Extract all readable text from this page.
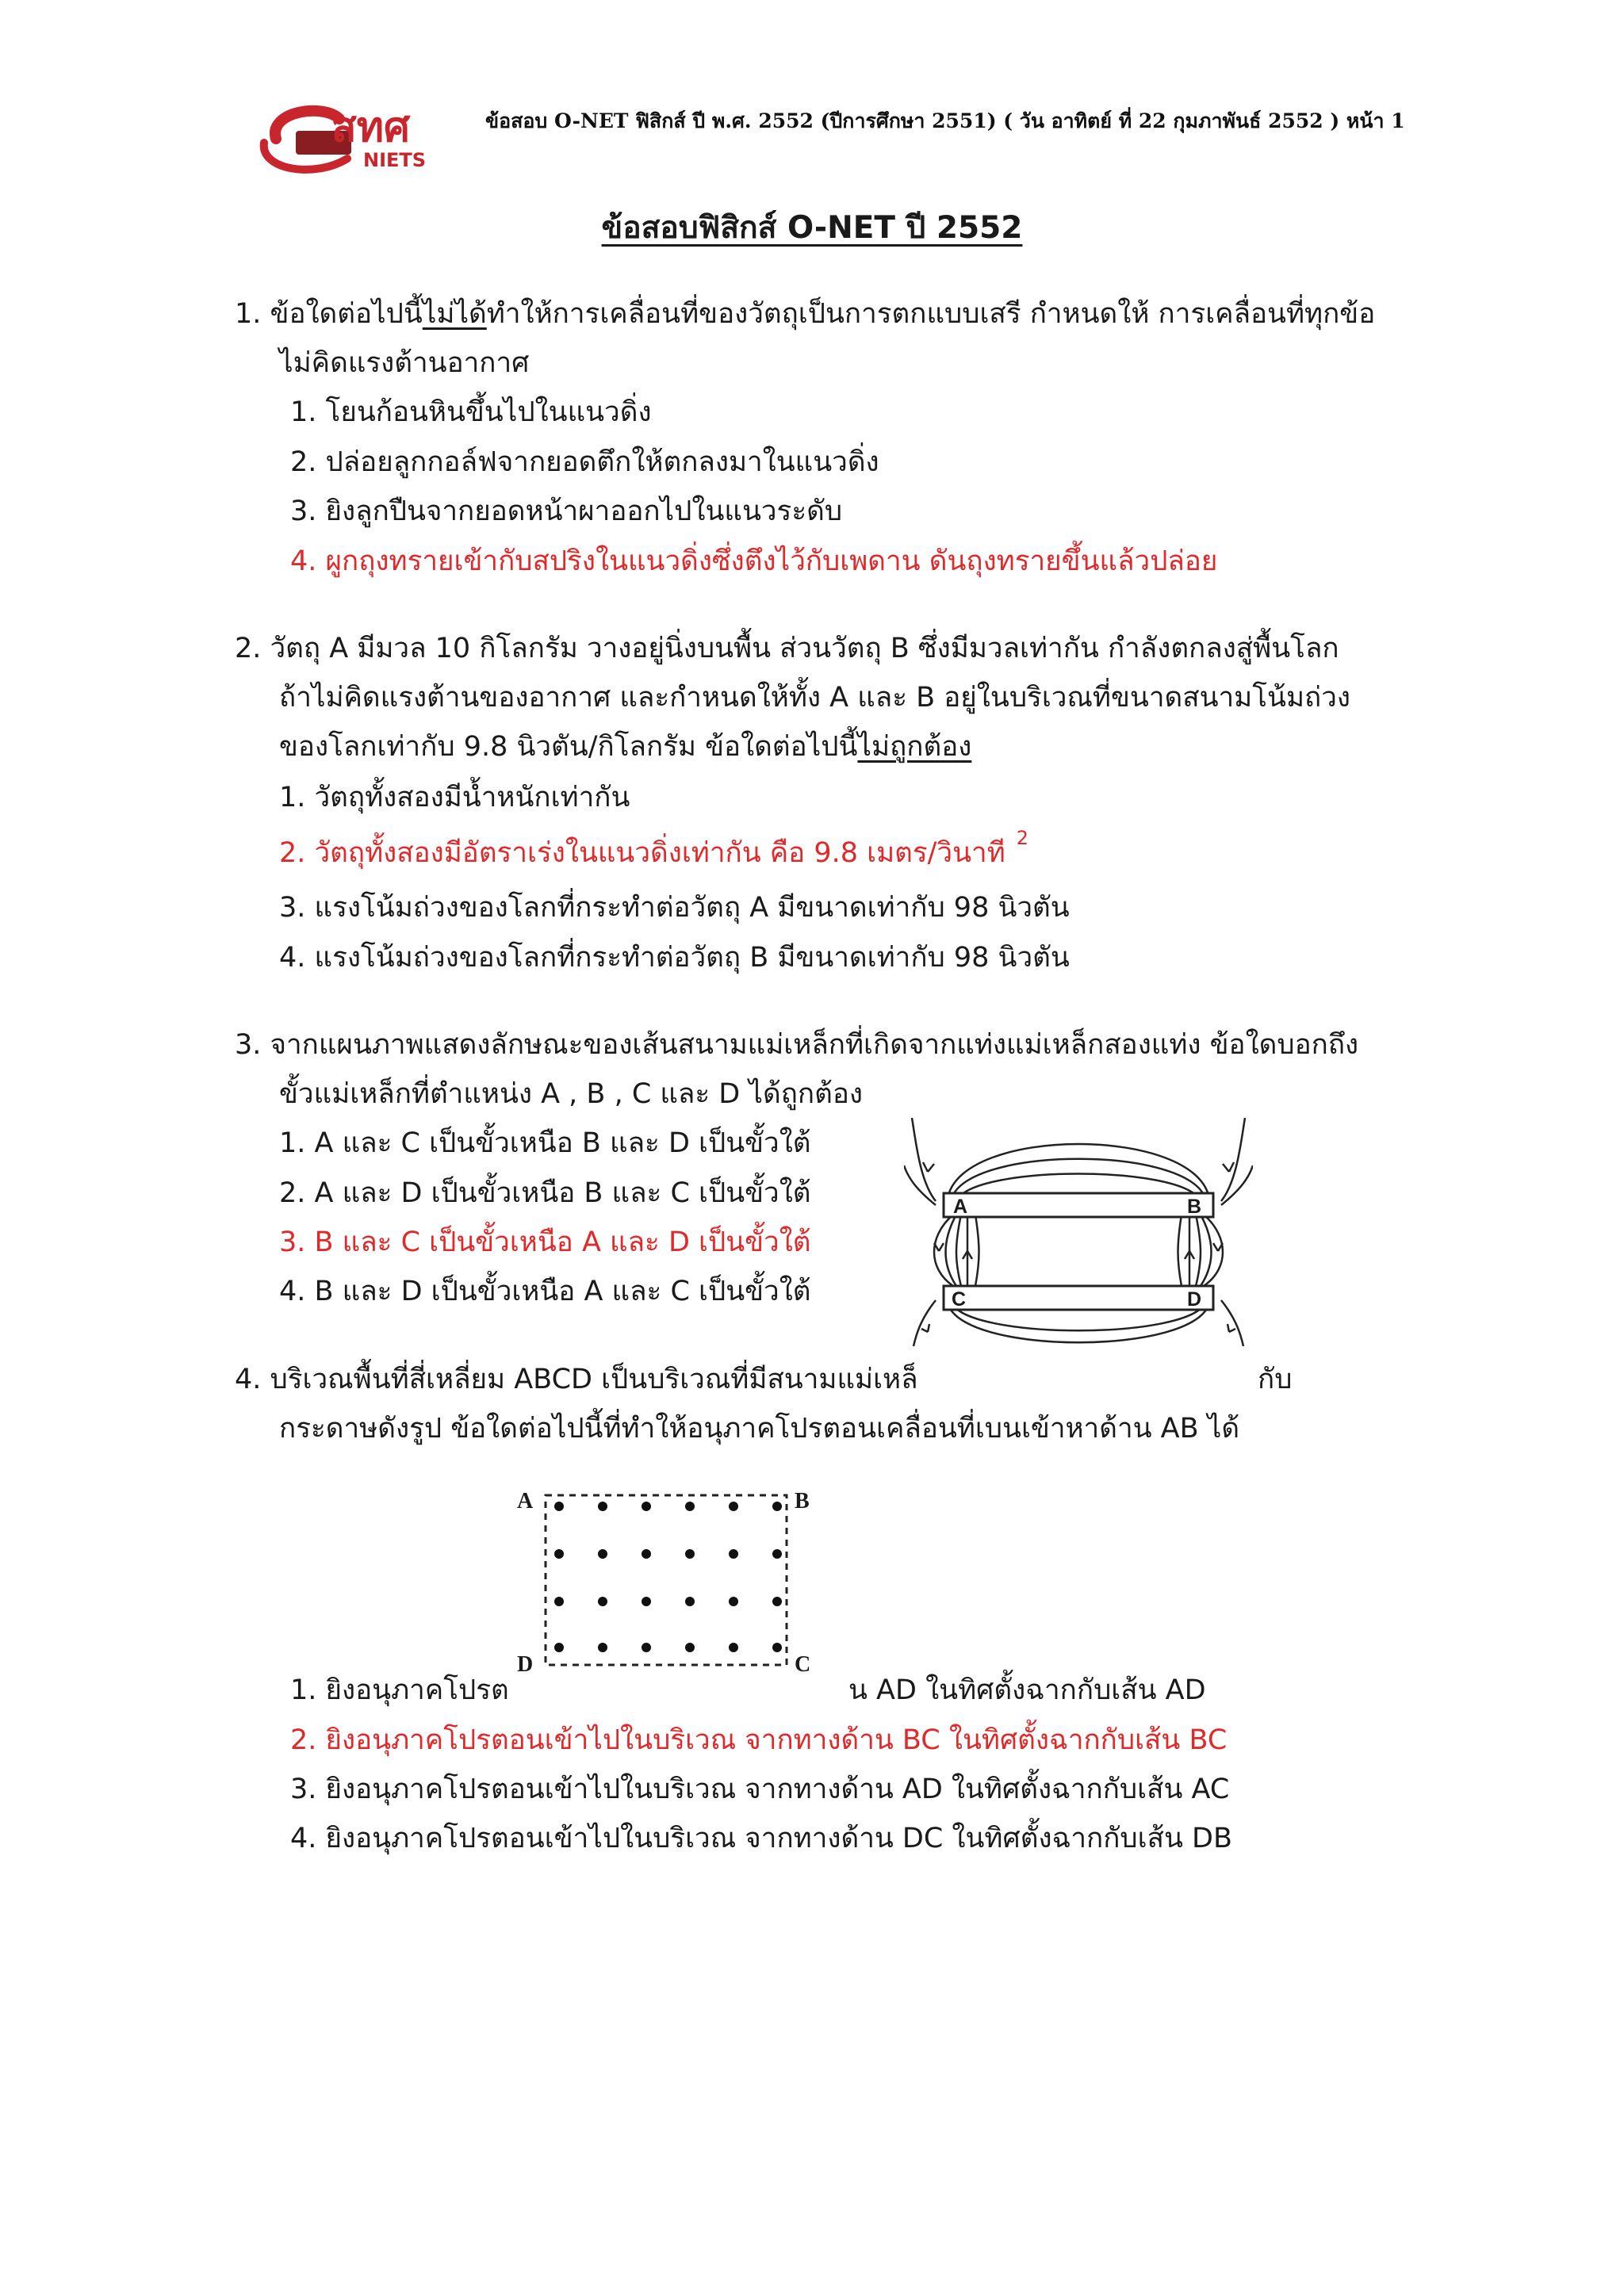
สทศ
NIETS
ข้อสอบ O-NET ฟิสิกส์ ปี พ.ศ. 2552 (ปีการศึกษา 2551) ( วัน อาทิตย์ ที่ 22 กุมภาพันธ์ 2552 ) หน้า 1
ข้อสอบฟิสิกส์ O-NET ปี 2552
1. ข้อใดต่อไปนี้ไม่ได้ทำให้การเคลื่อนที่ของวัตถุเป็นการตกแบบเสรี กำหนดให้ การเคลื่อนที่ทุกข้อ
ไม่คิดแรงต้านอากาศ
1. โยนก้อนหินขึ้นไปในแนวดิ่ง
2. ปล่อยลูกกอล์ฟจากยอดตึกให้ตกลงมาในแนวดิ่ง
3. ยิงลูกปืนจากยอดหน้าผาออกไปในแนวระดับ
4. ผูกถุงทรายเข้ากับสปริงในแนวดิ่งซึ่งตึงไว้กับเพดาน ดันถุงทรายขึ้นแล้วปล่อย
2. วัตถุ A มีมวล 10 กิโลกรัม วางอยู่นิ่งบนพื้น ส่วนวัตถุ B ซึ่งมีมวลเท่ากัน กำลังตกลงสู่พื้นโลก
ถ้าไม่คิดแรงต้านของอากาศ และกำหนดให้ทั้ง A และ B อยู่ในบริเวณที่ขนาดสนามโน้มถ่วง
ของโลกเท่ากับ 9.8 นิวตัน/กิโลกรัม ข้อใดต่อไปนี้ไม่ถูกต้อง
1. วัตถุทั้งสองมีน้ำหนักเท่ากัน
2. วัตถุทั้งสองมีอัตราเร่งในแนวดิ่งเท่ากัน คือ 9.8 เมตร/วินาที $^2$
3. แรงโน้มถ่วงของโลกที่กระทำต่อวัตถุ A มีขนาดเท่ากับ 98 นิวตัน
4. แรงโน้มถ่วงของโลกที่กระทำต่อวัตถุ B มีขนาดเท่ากับ 98 นิวตัน
3. จากแผนภาพแสดงลักษณะของเส้นสนามแม่เหล็กที่เกิดจากแท่งแม่เหล็กสองแท่ง ข้อใดบอกถึง
ขั้วแม่เหล็กที่ตำแหน่ง A , B , C และ D ได้ถูกต้อง
1. A และ C เป็นขั้วเหนือ B และ D เป็นขั้วใต้
2. A และ D เป็นขั้วเหนือ B และ C เป็นขั้วใต้
3. B และ C เป็นขั้วเหนือ A และ D เป็นขั้วใต้
4. B และ D เป็นขั้วเหนือ A และ C เป็นขั้วใต้
A	B
C	D
4. บริเวณพื้นที่สี่เหลี่ยม ABCD เป็นบริเวณที่มีสนามแม่เหล็	กับ
กระดาษดังรูป ข้อใดต่อไปนี้ที่ทำให้อนุภาคโปรตอนเคลื่อนที่เบนเข้าหาด้าน AB ได้
A	B
C
D
1. ยิงอนุภาคโปรต	น AD ในทิศตั้งฉากกับเส้น AD
2. ยิงอนุภาคโปรตอนเข้าไปในบริเวณ จากทางด้าน BC ในทิศตั้งฉากกับเส้น BC
3. ยิงอนุภาคโปรตอนเข้าไปในบริเวณ จากทางด้าน AD ในทิศตั้งฉากกับเส้น AC
4. ยิงอนุภาคโปรตอนเข้าไปในบริเวณ จากทางด้าน DC ในทิศตั้งฉากกับเส้น DB
